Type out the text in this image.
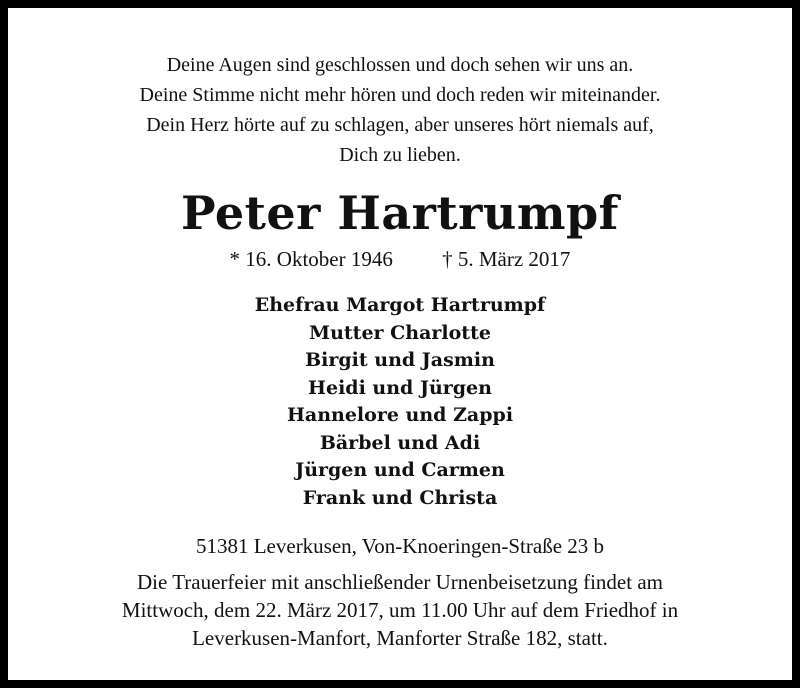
Deine Augen sind geschlossen und doch sehen wir uns an.
Deine Stimme nicht mehr hören und doch reden wir miteinander.
Dein Herz hörte auf zu schlagen, aber unseres hört niemals auf,
Dich zu lieben.
Peter Hartrumpf
* 16. Oktober 1946 † 5. März 2017
Ehefrau Margot Hartrumpf
Mutter Charlotte
Birgit und Jasmin
Heidi und Jürgen
Hannelore und Zappi
Bärbel und Adi
Jürgen und Carmen
Frank und Christa
51381 Leverkusen, Von-Knoeringen-Straße 23 b
Die Trauerfeier mit anschließender Urnenbeisetzung findet am
Mittwoch, dem 22. März 2017, um 11.00 Uhr auf dem Friedhof in
Leverkusen-Manfort, Manforter Straße 182, statt.
